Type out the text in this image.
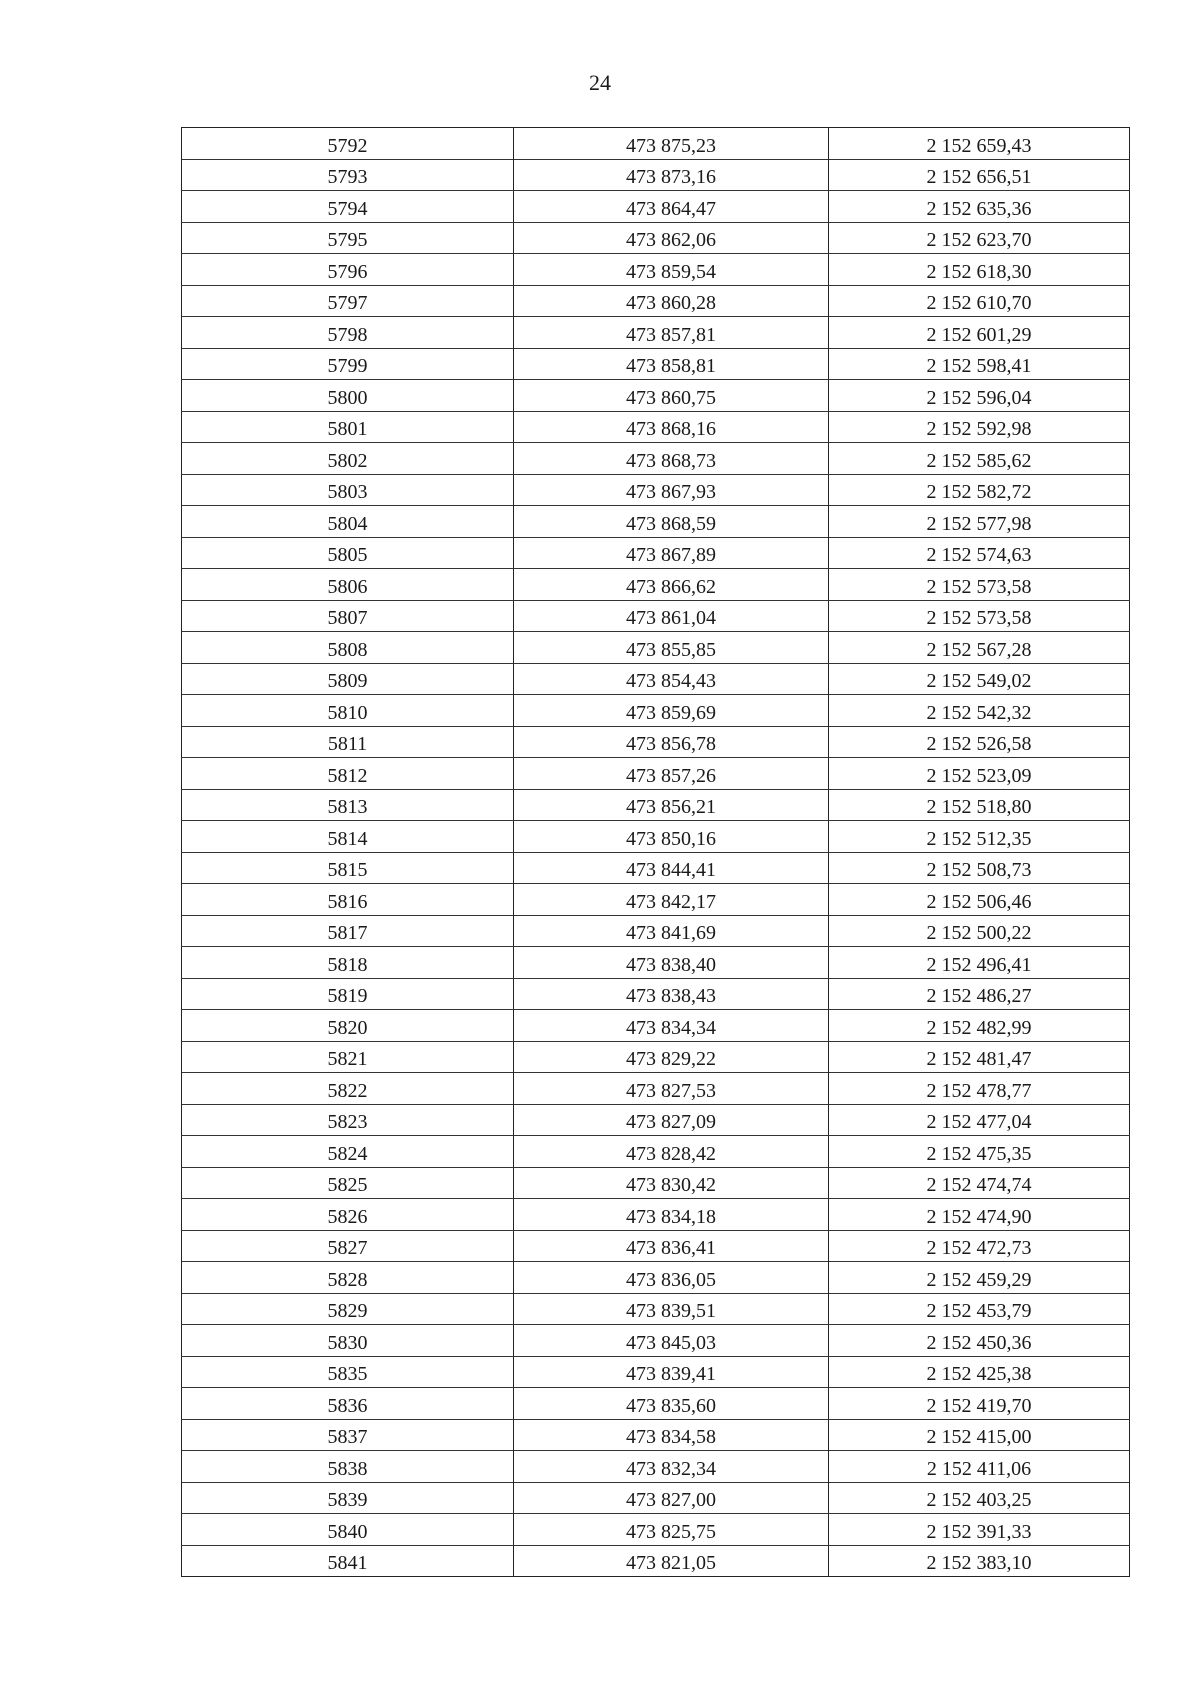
24
5792	473 875,23	2 152 659,43
5793	473 873,16	2 152 656,51
5794	473 864,47	2 152 635,36
5795	473 862,06	2 152 623,70
5796	473 859,54	2 152 618,30
5797	473 860,28	2 152 610,70
5798	473 857,81	2 152 601,29
5799	473 858,81	2 152 598,41
5800	473 860,75	2 152 596,04
5801	473 868,16	2 152 592,98
5802	473 868,73	2 152 585,62
5803	473 867,93	2 152 582,72
5804	473 868,59	2 152 577,98
5805	473 867,89	2 152 574,63
5806	473 866,62	2 152 573,58
5807	473 861,04	2 152 573,58
5808	473 855,85	2 152 567,28
5809	473 854,43	2 152 549,02
5810	473 859,69	2 152 542,32
5811	473 856,78	2 152 526,58
5812	473 857,26	2 152 523,09
5813	473 856,21	2 152 518,80
5814	473 850,16	2 152 512,35
5815	473 844,41	2 152 508,73
5816	473 842,17	2 152 506,46
5817	473 841,69	2 152 500,22
5818	473 838,40	2 152 496,41
5819	473 838,43	2 152 486,27
5820	473 834,34	2 152 482,99
5821	473 829,22	2 152 481,47
5822	473 827,53	2 152 478,77
5823	473 827,09	2 152 477,04
5824	473 828,42	2 152 475,35
5825	473 830,42	2 152 474,74
5826	473 834,18	2 152 474,90
5827	473 836,41	2 152 472,73
5828	473 836,05	2 152 459,29
5829	473 839,51	2 152 453,79
5830	473 845,03	2 152 450,36
5835	473 839,41	2 152 425,38
5836	473 835,60	2 152 419,70
5837	473 834,58	2 152 415,00
5838	473 832,34	2 152 411,06
5839	473 827,00	2 152 403,25
5840	473 825,75	2 152 391,33
5841	473 821,05	2 152 383,10
